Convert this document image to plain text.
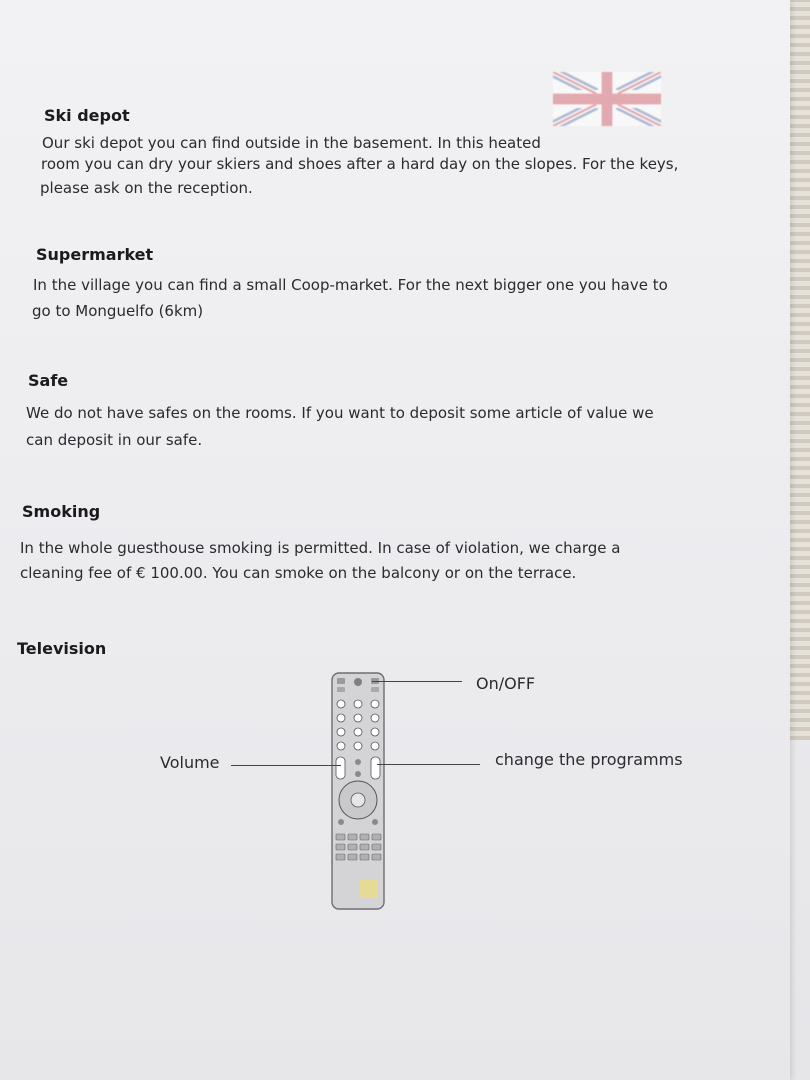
Ski depot

Our ski depot you can find outside in the basement. In this heated

room you can dry your skiers and shoes after a hard day on the slopes. For the keys,

please ask on the reception.

Supermarket

In the village you can find a small Coop-market. For the next bigger one you have to

go to Monguelfo (6km)

Safe

We do not have safes on the rooms. If you want to deposit some article of value we

can deposit in our safe.

Smoking

In the whole guesthouse smoking is permitted. In case of violation, we charge a

cleaning fee of € 100.00. You can smoke on the balcony or on the terrace.

Television
On/OFF
Volume	change the programms
